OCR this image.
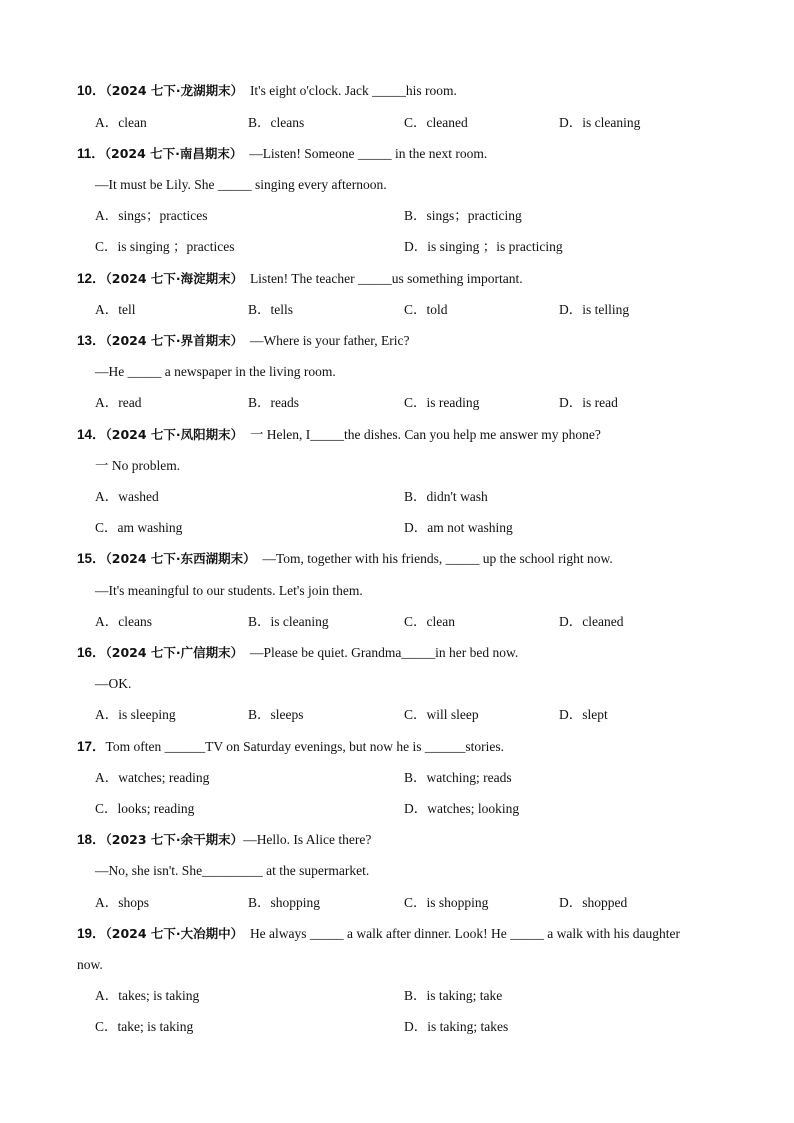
10．（2024 七下·龙湖期末） It's eight o'clock. Jack _____his room.
A．clean	B．cleans	C．cleaned	D．is cleaning
11．（2024 七下·南昌期末） —Listen! Someone _____ in the next room.
—It must be Lily. She _____ singing every afternoon.
A．sings；practices	B．sings；practicing
C．is singing ；practices	D．is singing ；is practicing
12．（2024 七下·海淀期末） Listen! The teacher _____us something important.
A．tell	B．tells	C．told	D．is telling
13．（2024 七下·界首期末） —Where is your father, Eric?
—He _____ a newspaper in the living room.
A．read	B．reads	C．is reading	D．is read
14．（2024 七下·凤阳期末） 一 Helen, I_____the dishes. Can you help me answer my phone?
一 No problem.
A．washed	B．didn't wash
C．am washing	D．am not washing
15．（2024 七下·东西湖期末） —Tom, together with his friends, _____ up the school right now.
—It's meaningful to our students. Let's join them.
A．cleans	B．is cleaning	C．clean	D．cleaned
16．（2024 七下·广信期末） —Please be quiet. Grandma_____in her bed now.
—OK.
A．is sleeping	B．sleeps	C．will sleep	D．slept
17．Tom often ______TV on Saturday evenings, but now he is ______stories.
A．watches; reading	B．watching; reads
C．looks; reading	D．watches; looking
18．（2023 七下·余干期末）—Hello. Is Alice there?
—No, she isn't. She_________ at the supermarket.
A．shops	B．shopping	C．is shopping	D．shopped
19．（2024 七下·大冶期中） He always _____ a walk after dinner. Look! He _____ a walk with his daughter
now.
A．takes; is taking	B．is taking; take
C．take; is taking	D．is taking; takes
